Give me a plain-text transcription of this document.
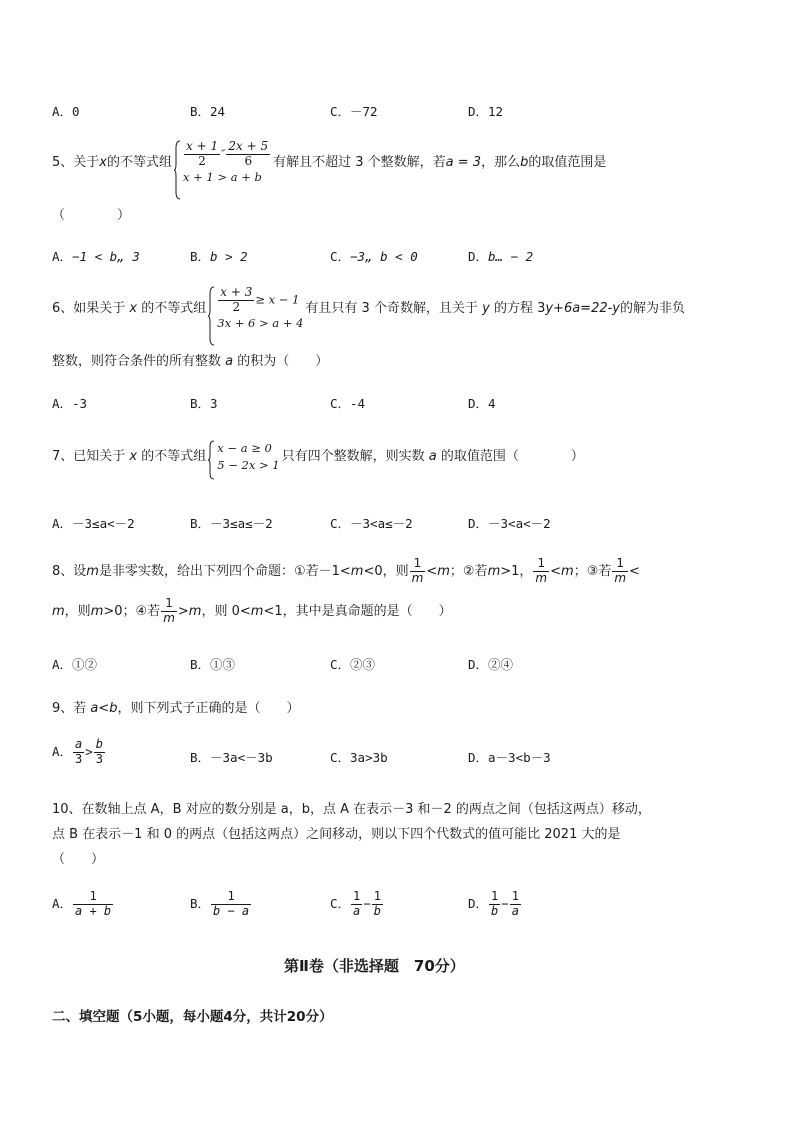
A．0	B．24	C．－72	D．12
5、关于x的不等式组 $\frac{x + 1}{2}$ ″ $\frac{2x + 5}{6}$
x + 1 > a + b
有解且不超过 3 个整数解，若a = 3，那么b的取值范围是
（　　　　）
A．−1 < b„ 3	B．b > 2	C．−3„ b < 0	D．b… − 2
6、如果关于 x 的不等式组 $\frac{x + 3}{2} \ge x - 1$
3x + 6 > a + 4
有且只有 3 个奇数解，且关于 y 的方程 3y+6a=22-y的解为非负
整数，则符合条件的所有整数 a 的积为（　　）
A．-3	B．3	C．-4	D．4
7、已知关于 x 的不等式组
x − a ≥ 0
5 − 2x > 1
只有四个整数解，则实数 a 的取值范围（　　　　）
A．－3≤a<－2	B．－3≤a≤－2	C．－3<a≤－2	D．－3<a<－2
8、设m是非零实数，给出下列四个命题：①若－1<m<0，则 $\frac{1}{m} <m$；②若m>1， $\frac{1}{m} <m$；③若 $\frac{1}{m}$ <
m，则m>0；④若 $\frac{1}{m} >m$，则 0<m<1，其中是真命题的是（　　）
A．①②	B．①③	C．②③	D．②④
9、若 a<b，则下列式子正确的是（　　）
A． $\frac{a}{3} > \frac{b}{3}$	B．－3a<－3b	C．3a>3b	D．a－3<b－3
10、在数轴上点 A，B 对应的数分别是 a，b，点 A 在表示－3 和－2 的两点之间（包括这两点）移动，
点 B 在表示－1 和 0 的两点（包括这两点）之间移动，则以下四个代数式的值可能比 2021 大的是
（　　）
A． $\frac{1}{a + b}$	B． $\frac{1}{b - a}$	C． $\frac{1}{a} - \frac{1}{b}$	D． $\frac{1}{b} - \frac{1}{a}$
第Ⅱ卷（非选择题　70分）
二、填空题（5小题，每小题4分，共计20分）
